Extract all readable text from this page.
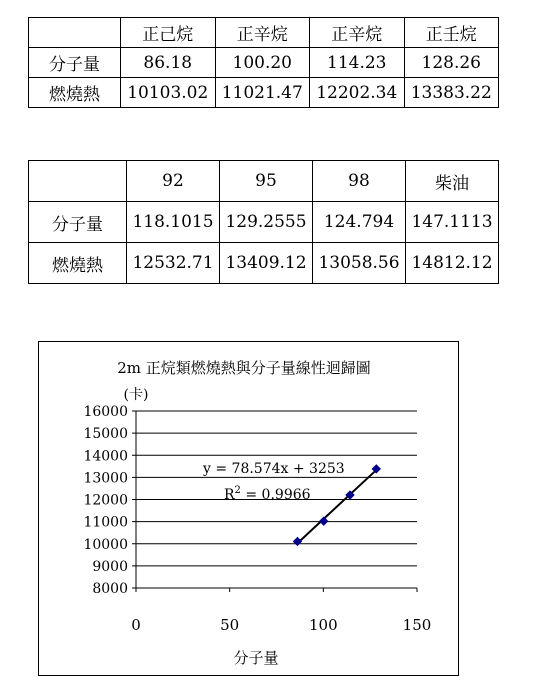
	正己烷	正辛烷	正辛烷	正壬烷
分子量	86.18	100.20	114.23	128.26
燃燒熱	10103.02	11021.47	12202.34	13383.22
	92	95	98	柴油
分子量	118.1015	129.2555	124.794	147.1113
燃燒熱	12532.71	13409.12	13058.56	14812.12
2m 正烷類燃燒熱與分子量線性迴歸圖
(卡)
分子量
8000
9000
10000
11000
12000
13000
14000
15000
16000
0	50	100	150
y = 78.574x + 3253
$R^2 = 0.9966$
